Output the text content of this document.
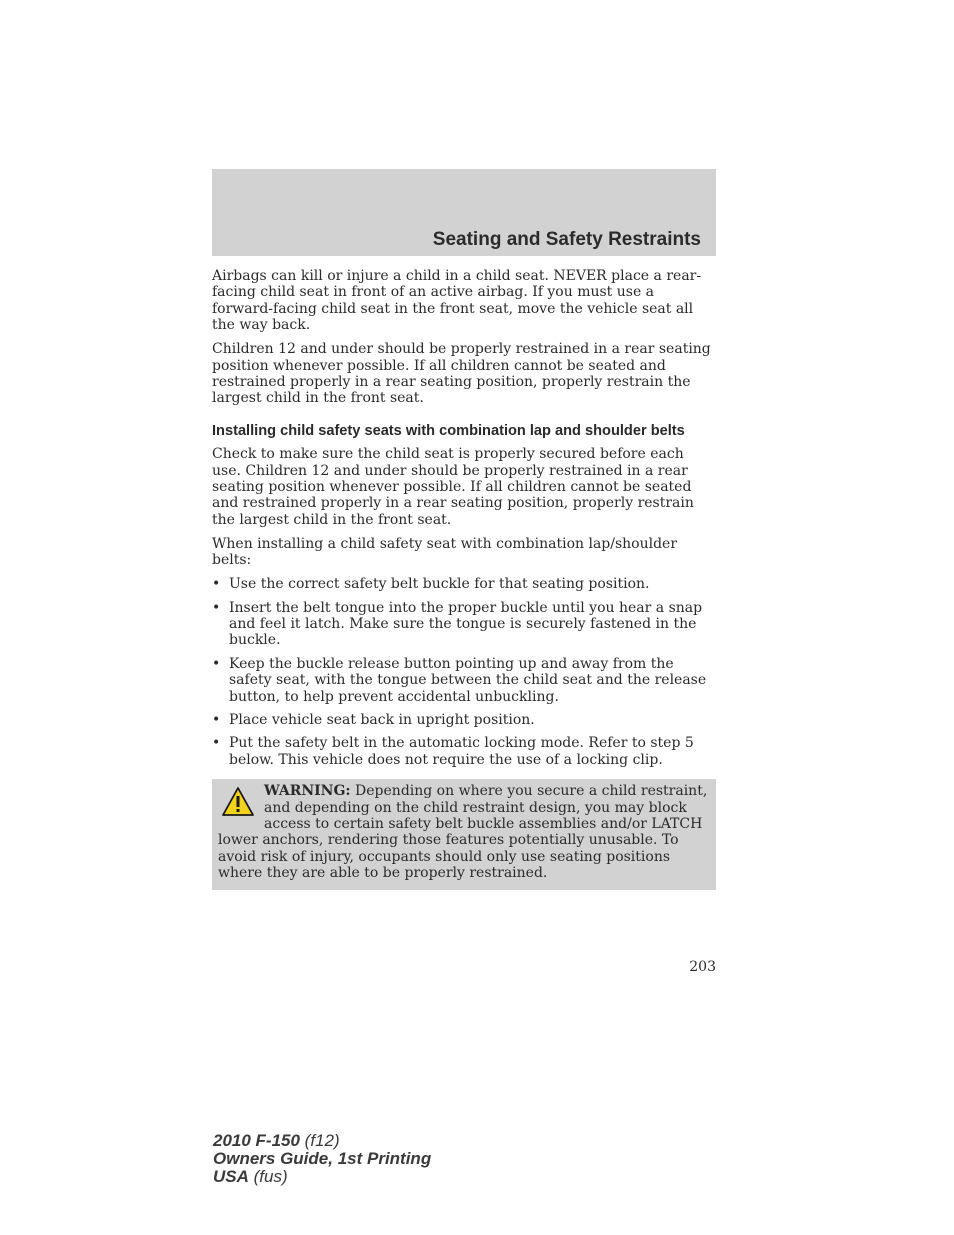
Seating and Safety Restraints

Airbags can kill or injure a child in a child seat. NEVER place a rear-facing child seat in front of an active airbag. If you must use a forward-facing child seat in the front seat, move the vehicle seat all the way back.

Children 12 and under should be properly restrained in a rear seating position whenever possible. If all children cannot be seated and restrained properly in a rear seating position, properly restrain the largest child in the front seat.

Installing child safety seats with combination lap and shoulder belts

Check to make sure the child seat is properly secured before each use. Children 12 and under should be properly restrained in a rear seating position whenever possible. If all children cannot be seated and restrained properly in a rear seating position, properly restrain the largest child in the front seat.

When installing a child safety seat with combination lap/shoulder belts:

• Use the correct safety belt buckle for that seating position.
• Insert the belt tongue into the proper buckle until you hear a snap and feel it latch. Make sure the tongue is securely fastened in the buckle.
• Keep the buckle release button pointing up and away from the safety seat, with the tongue between the child seat and the release button, to help prevent accidental unbuckling.
• Place vehicle seat back in upright position.
• Put the safety belt in the automatic locking mode. Refer to step 5 below. This vehicle does not require the use of a locking clip.
WARNING: Depending on where you secure a child restraint, and depending on the child restraint design, you may block access to certain safety belt buckle assemblies and/or LATCH lower anchors, rendering those features potentially unusable. To avoid risk of injury, occupants should only use seating positions where they are able to be properly restrained.
203
2010 F-150 (f12)
Owners Guide, 1st Printing
USA (fus)
